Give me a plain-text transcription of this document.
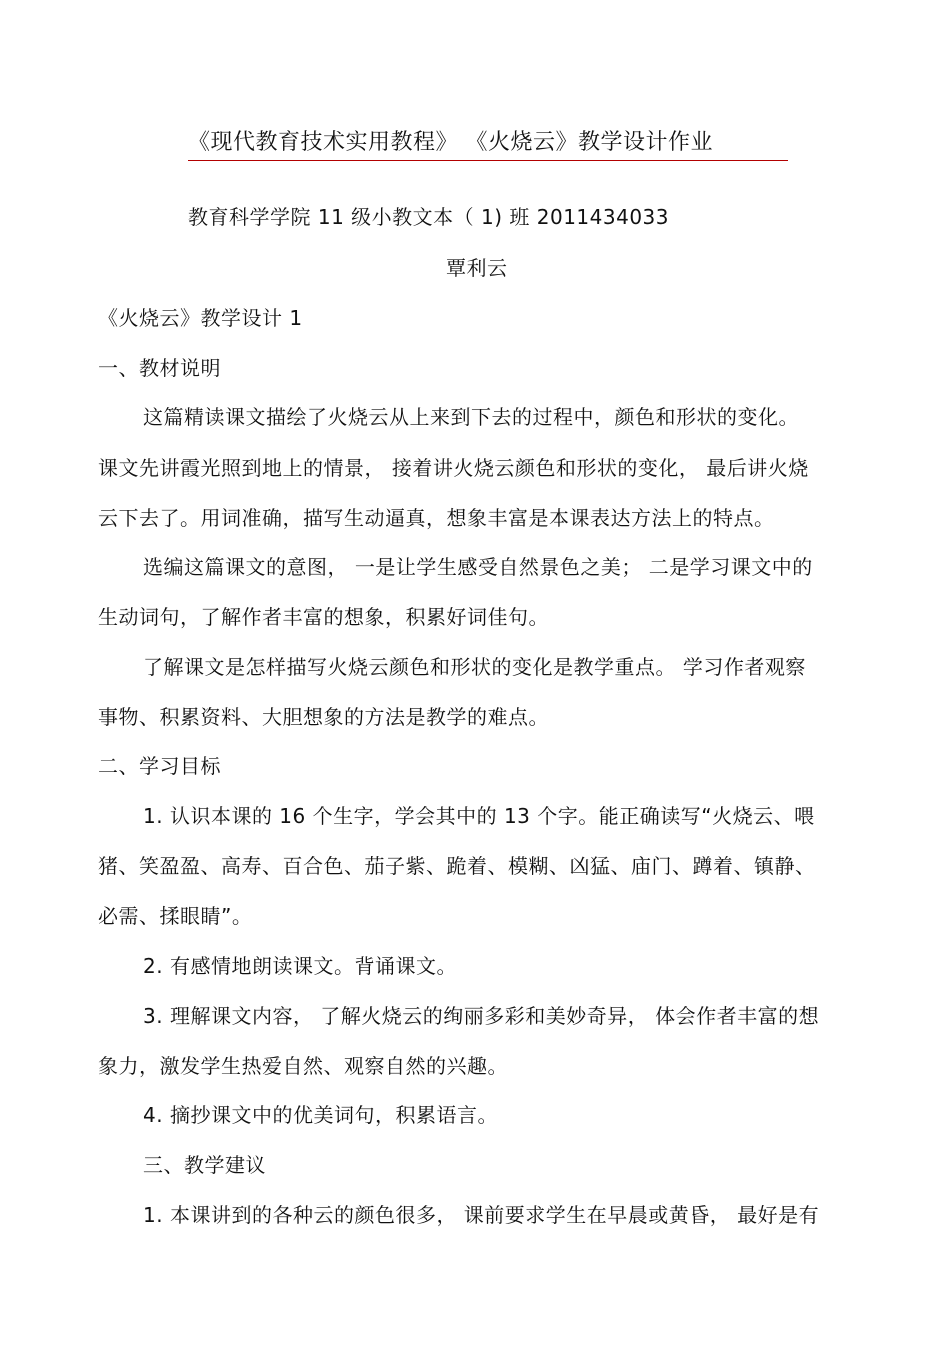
《现代教育技术实用教程》 《火烧云》教学设计作业
教育科学学院 11 级小教文本（ 1) 班 2011434033
覃利云
《火烧云》教学设计 1
一、教材说明
这篇精读课文描绘了火烧云从上来到下去的过程中，颜色和形状的变化。
课文先讲霞光照到地上的情景， 接着讲火烧云颜色和形状的变化， 最后讲火烧
云下去了。用词准确，描写生动逼真，想象丰富是本课表达方法上的特点。
选编这篇课文的意图， 一是让学生感受自然景色之美； 二是学习课文中的
生动词句，了解作者丰富的想象，积累好词佳句。
了解课文是怎样描写火烧云颜色和形状的变化是教学重点。 学习作者观察
事物、积累资料、大胆想象的方法是教学的难点。
二、学习目标
1. 认识本课的 16 个生字，学会其中的 13 个字。能正确读写“火烧云、喂
猪、笑盈盈、高寿、百合色、茄子紫、跪着、模糊、凶猛、庙门、蹲着、镇静、
必需、揉眼睛”。
2. 有感情地朗读课文。背诵课文。
3. 理解课文内容， 了解火烧云的绚丽多彩和美妙奇异， 体会作者丰富的想
象力，激发学生热爱自然、观察自然的兴趣。
4. 摘抄课文中的优美词句，积累语言。
三、教学建议
1. 本课讲到的各种云的颜色很多， 课前要求学生在早晨或黄昏， 最好是有
